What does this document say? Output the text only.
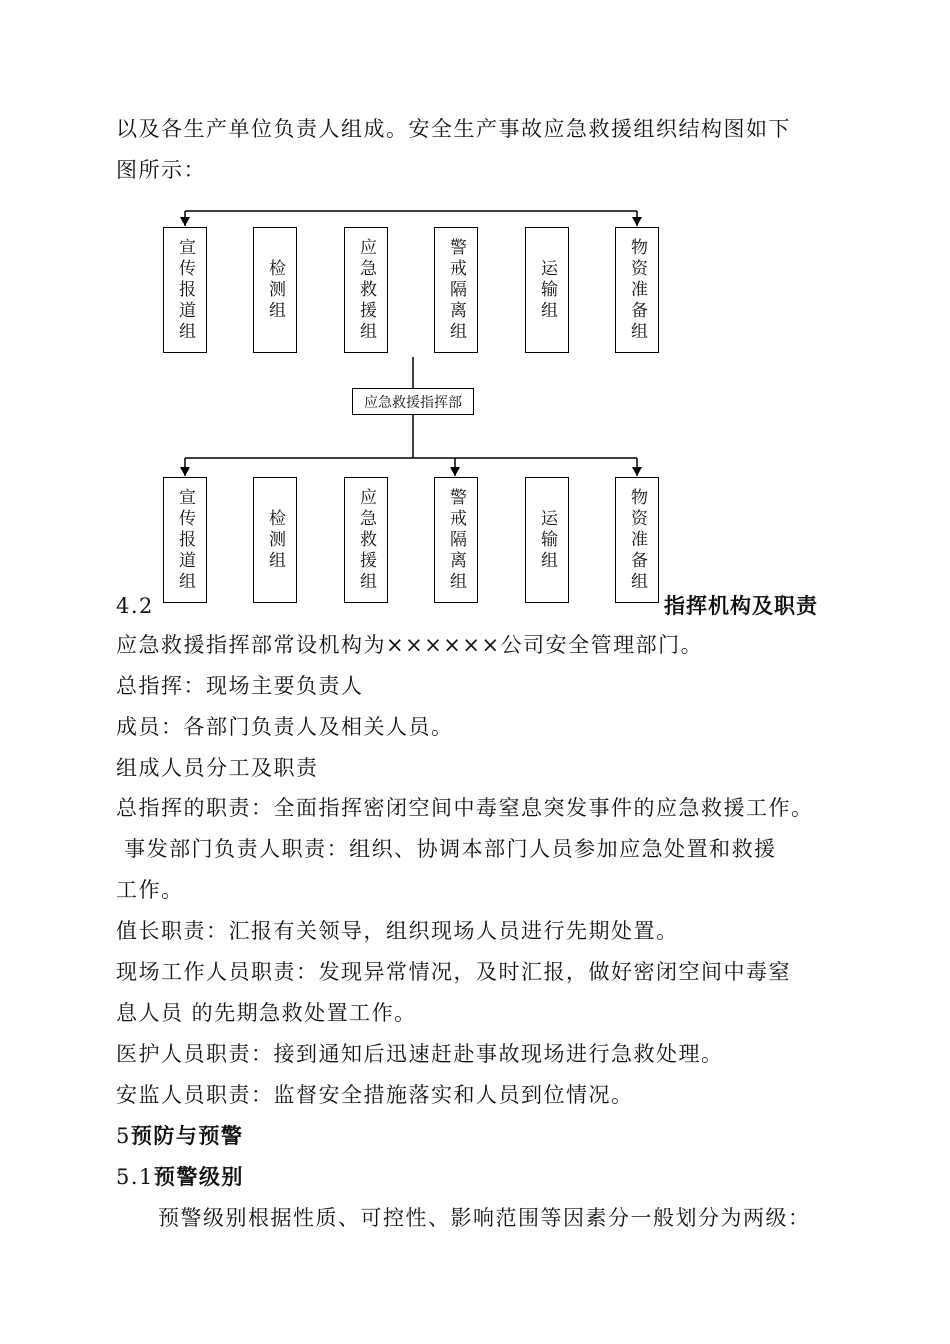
以及各生产单位负责人组成。安全生产事故应急救援组织结构图如下
图所示：
宣传报道组	检测组	应急救援组	警戒隔离组	运输组	物资准备组
应急救援指挥部
宣传报道组	检测组	应急救援组	警戒隔离组	运输组	物资准备组
4.2	指挥机构及职责
应急救援指挥部常设机构为××××××公司安全管理部门。
总指挥：现场主要负责人
成员：各部门负责人及相关人员。
组成人员分工及职责
总指挥的职责：全面指挥密闭空间中毒窒息突发事件的应急救援工作。
事发部门负责人职责：组织、协调本部门人员参加应急处置和救援
工作。
值长职责：汇报有关领导，组织现场人员进行先期处置。
现场工作人员职责：发现异常情况，及时汇报，做好密闭空间中毒窒
息人员 的先期急救处置工作。
医护人员职责：接到通知后迅速赶赴事故现场进行急救处理。
安监人员职责：监督安全措施落实和人员到位情况。
5预防与预警
5.1预警级别
预警级别根据性质、可控性、影响范围等因素分一般划分为两级：
